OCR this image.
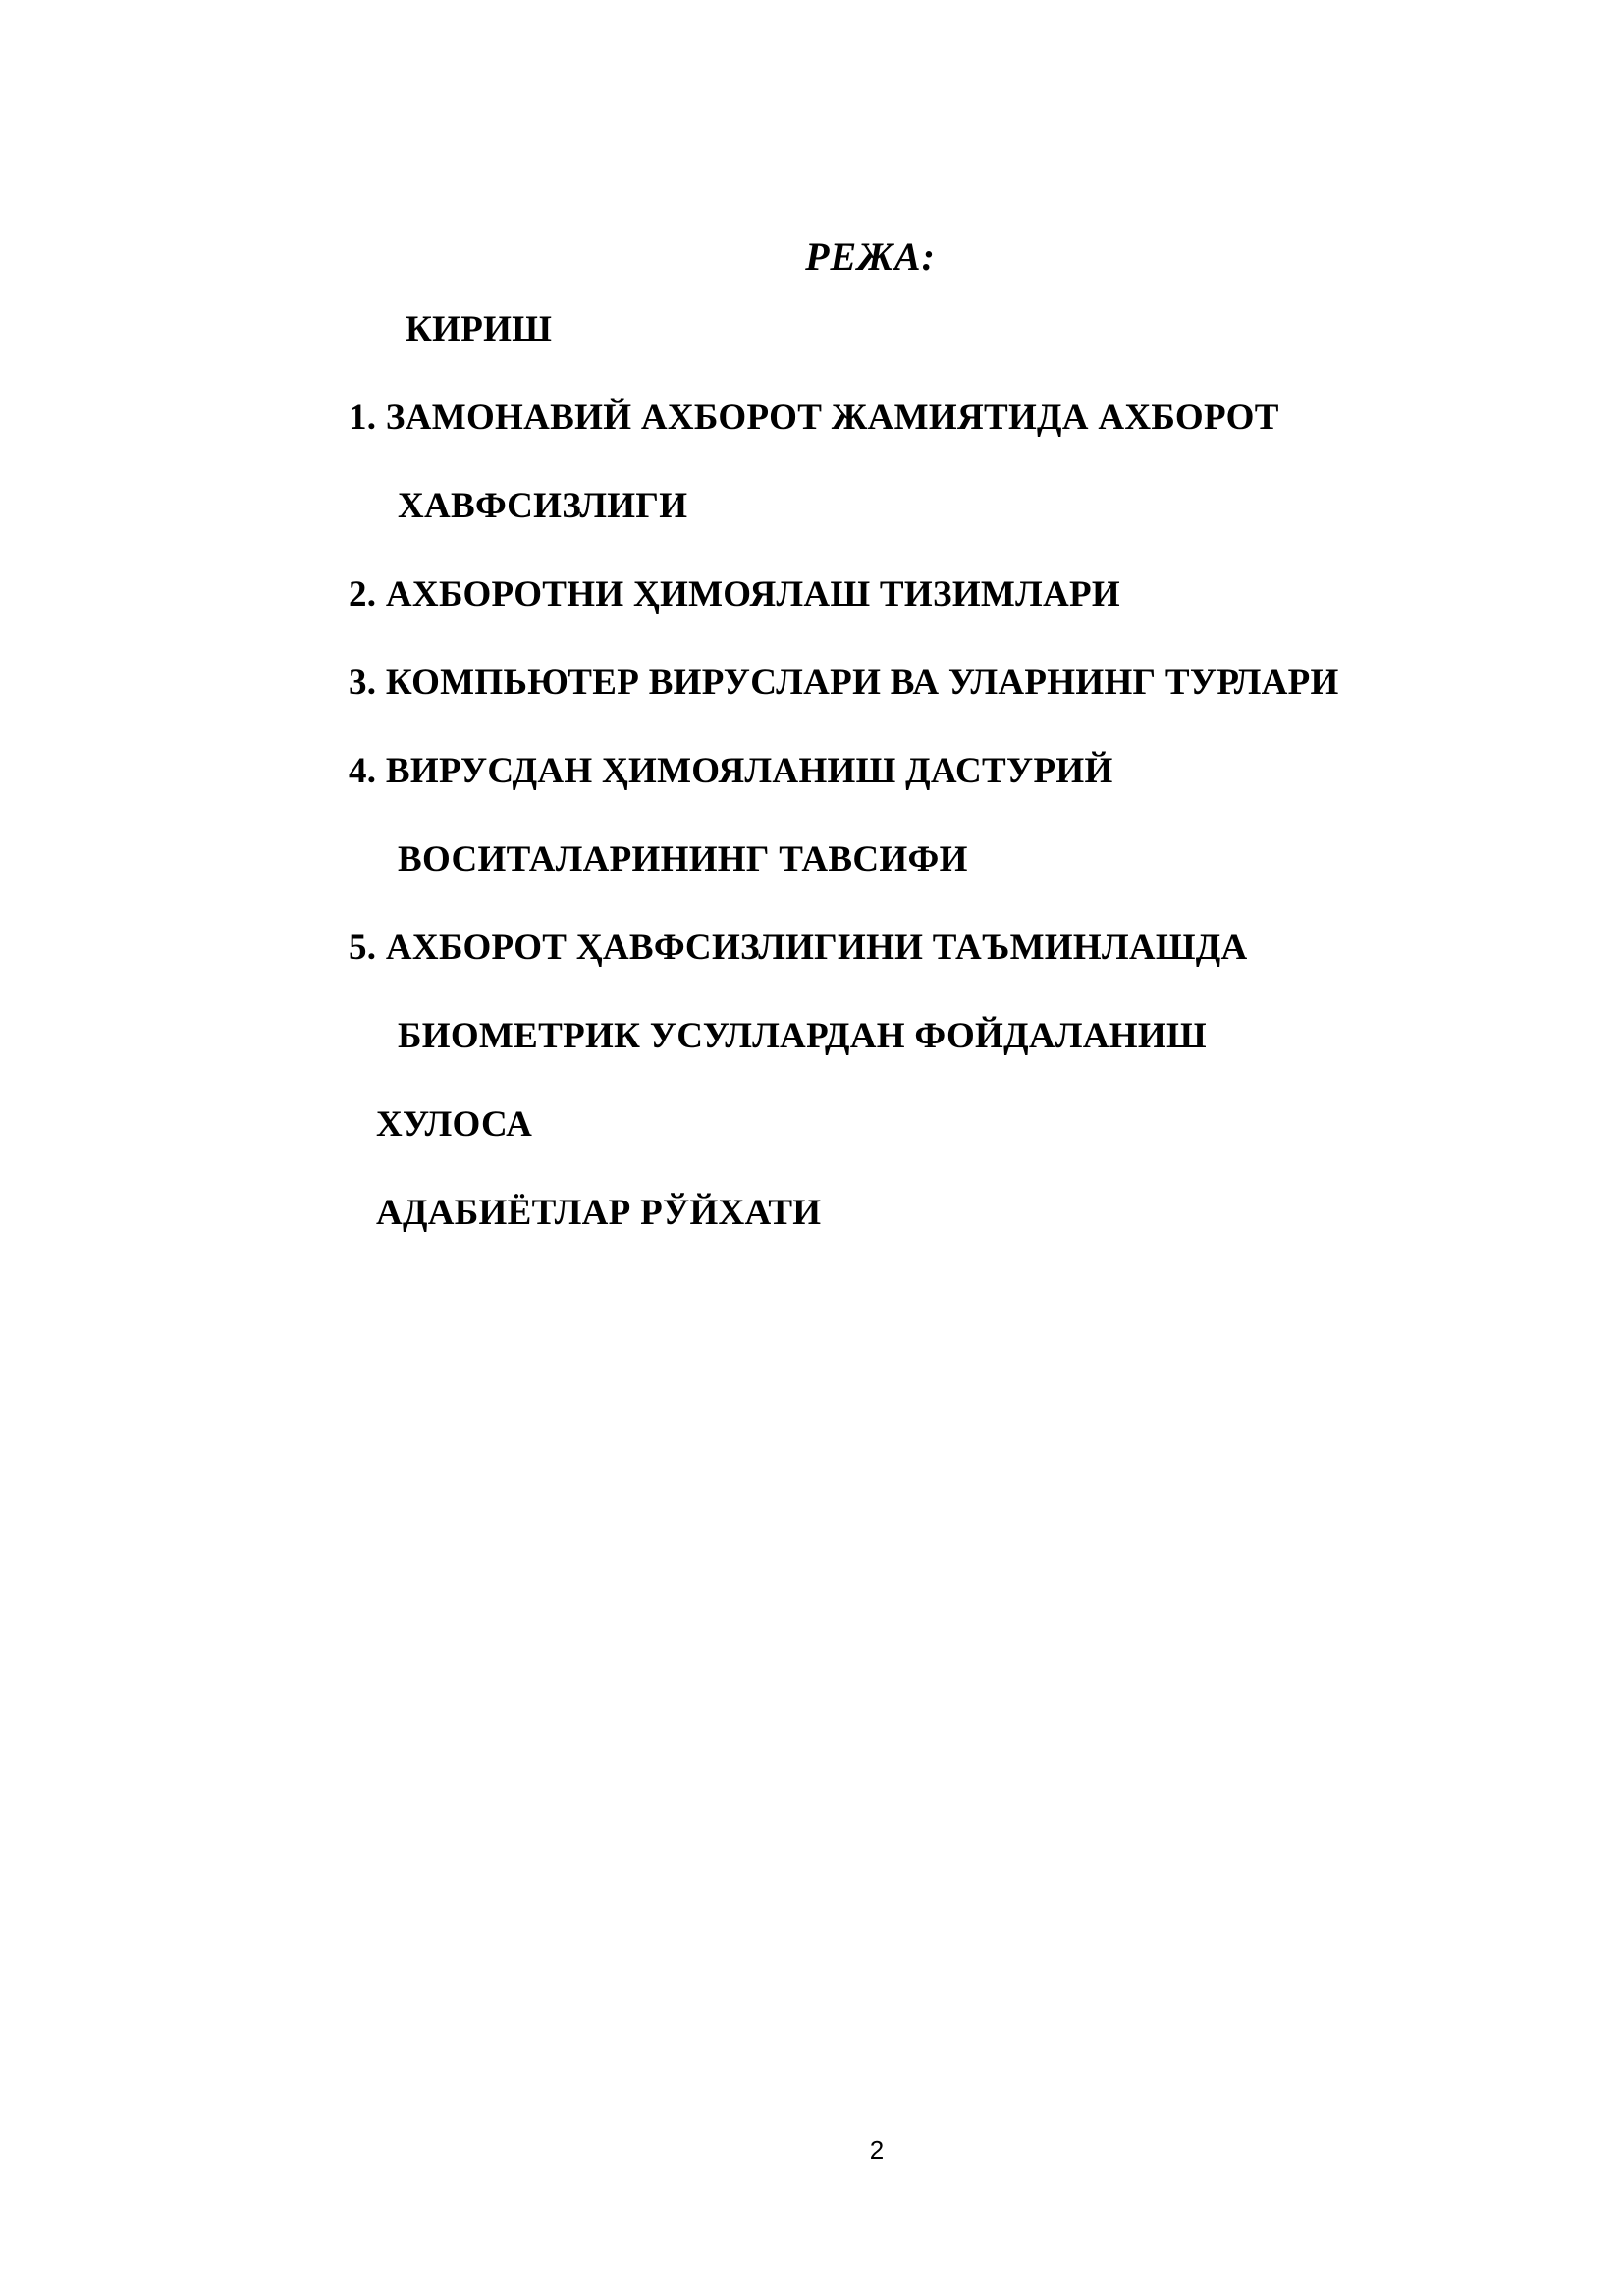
РЕЖА:
КИРИШ
1. ЗАМОНАВИЙ АХБОРОТ ЖАМИЯТИДА АХБОРОТ
ХАВФСИЗЛИГИ
2. АХБОРОТНИ ҲИМОЯЛАШ ТИЗИМЛАРИ
3. КОМПЬЮТЕР ВИРУСЛАРИ ВА УЛАРНИНГ ТУРЛАРИ
4. ВИРУСДАН ҲИМОЯЛАНИШ ДАСТУРИЙ
ВОСИТАЛАРИНИНГ ТАВСИФИ
5. АХБОРОТ ҲАВФСИЗЛИГИНИ ТАЪМИНЛАШДА
БИОМЕТРИК УСУЛЛАРДАН ФОЙДАЛАНИШ
ХУЛОСА
АДАБИЁТЛАР РЎЙХАТИ
2
